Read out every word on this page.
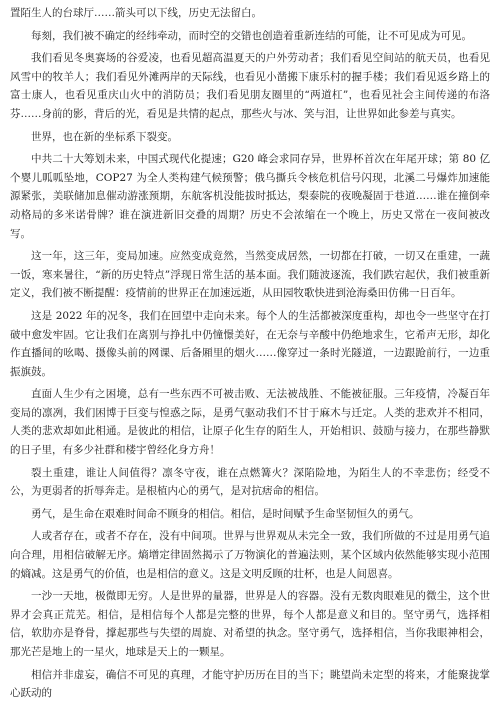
置陌生人的台球厅……箭头可以下线，历史无法留白。

每刻，我们被不确定的经纬牵动，而时空的交错也创造着重新连结的可能，让不可见成为可见。

我们看见冬奥赛场的谷爱凌，也看见超高温夏天的户外劳动者；我们看见空间站的航天员，也看见风雪中的牧羊人；我们看见外滩两岸的天际线，也看见小凿搬下康乐村的握手楼；我们看见返乡路上的富士康人，也看见重庆山火中的消防员；我们看见朋友圈里的“两道杠”，也看见社会主间传递的布洛芬……身前的影，背后的光，看见是共情的起点，那些火与冰、笑与泪，让世界如此参差与真实。

世界，也在新的坐标系下裂变。

中共二十大筹划未来，中国式现代化提速；G20 峰会求同存异，世界杯首次在年尾开球；第 80 亿个婴儿呱呱坠地，COP27 为全人类构建气候预警；俄乌撕兵令核危机信号闪现，北溪二号爆炸加速能源紧张，美联储加息催动游涨预期，东航客机没能拔时抵达，梨泰院的夜晚凝固于巷道……谁在撞倒牵动格局的多米诺骨牌？谁在演进新旧交叠的周期？历史不会浓缩在一个晚上，历史又常在一夜间被改写。

这一年，这三年，变局加速。应然变成竟然，当然变成居然，一切都在打破，一切又在重建，一蔬一饭，寒来暑往，“新的历史特点”浮现日常生活的基本面。我们随波逐流，我们跌宕起伏，我们被重新定义，我们被不断提醒：疫情前的世界正在加速远逝，从田园牧歌快进到沧海桑田仿佛一日百年。

这是 2022 年的况冬，我们在回望中走向未来。每个人的生活都被深度重构，却也令一些坚守在打破中愈发牢固。它让我们在离别与挣扎中仍憧憬美好，在无奈与辛酸中仍绝地求生，它希声无形，却化作直播间的吆喝、摄像头前的网课、后备厢里的烟火……像穿过一条时光隧道，一边跟跄前行，一边重振旗鼓。

直面人生少有之困境，总有一些东西不可被击败、无法被战胜、不能被征服。三年疫情，冷凝百年变局的凛冽，我们困博于巨变与惶惑之际，是勇气驱动我们不甘于麻木与迁定。人类的悲欢并不相同，人类的悲欢却如此相通。是彼此的相信，让原子化生存的陌生人，开始相识、鼓励与接力，在那些静默的日子里，有多少社群和楼宇曾经化身方舟！

裂土重建，谁让人间值得？凛冬守夜，谁在点燃篝火？深陷险地，为陌生人的不幸悲伤；经受不公，为更弱者的折辱奔走。是根植内心的勇气，是对抗痞命的相信。

勇气，是生命在艰难时间命不顾身的相信。相信，是时间赋予生命坚韧恒久的勇气。

人或者存在，或者不存在，没有中间项。世界与世界观从未完全一致，我们所做的不过是用勇气追向合理，用相信破解无序。熵增定律固然揭示了万物演化的普遍法则，某个区域内依然能够实现小范围的熵减。这是勇气的价值，也是相信的意义。这是文明反顾的壮杯，也是人间恩喜。

一沙一天地，极微即无穷。人是世界的量器，世界是人的容器。没有无数肉眼难见的微尘，这个世界才会真正荒芜。相信，是相信每个人都是完整的世界，每个人都是意义和目的。坚守勇气，选择相信，软肋亦是脊骨，撑起那些与失望的周旋、对希望的执念。坚守勇气，选择相信，当你我眼神相会，那光芒是地上的一星火，地球是天上的一颗星。

相信并非虚妄，确信不可见的真理，才能守护历历在目的当下；眺望尚未定型的将来，才能聚拢掌心跃动的
